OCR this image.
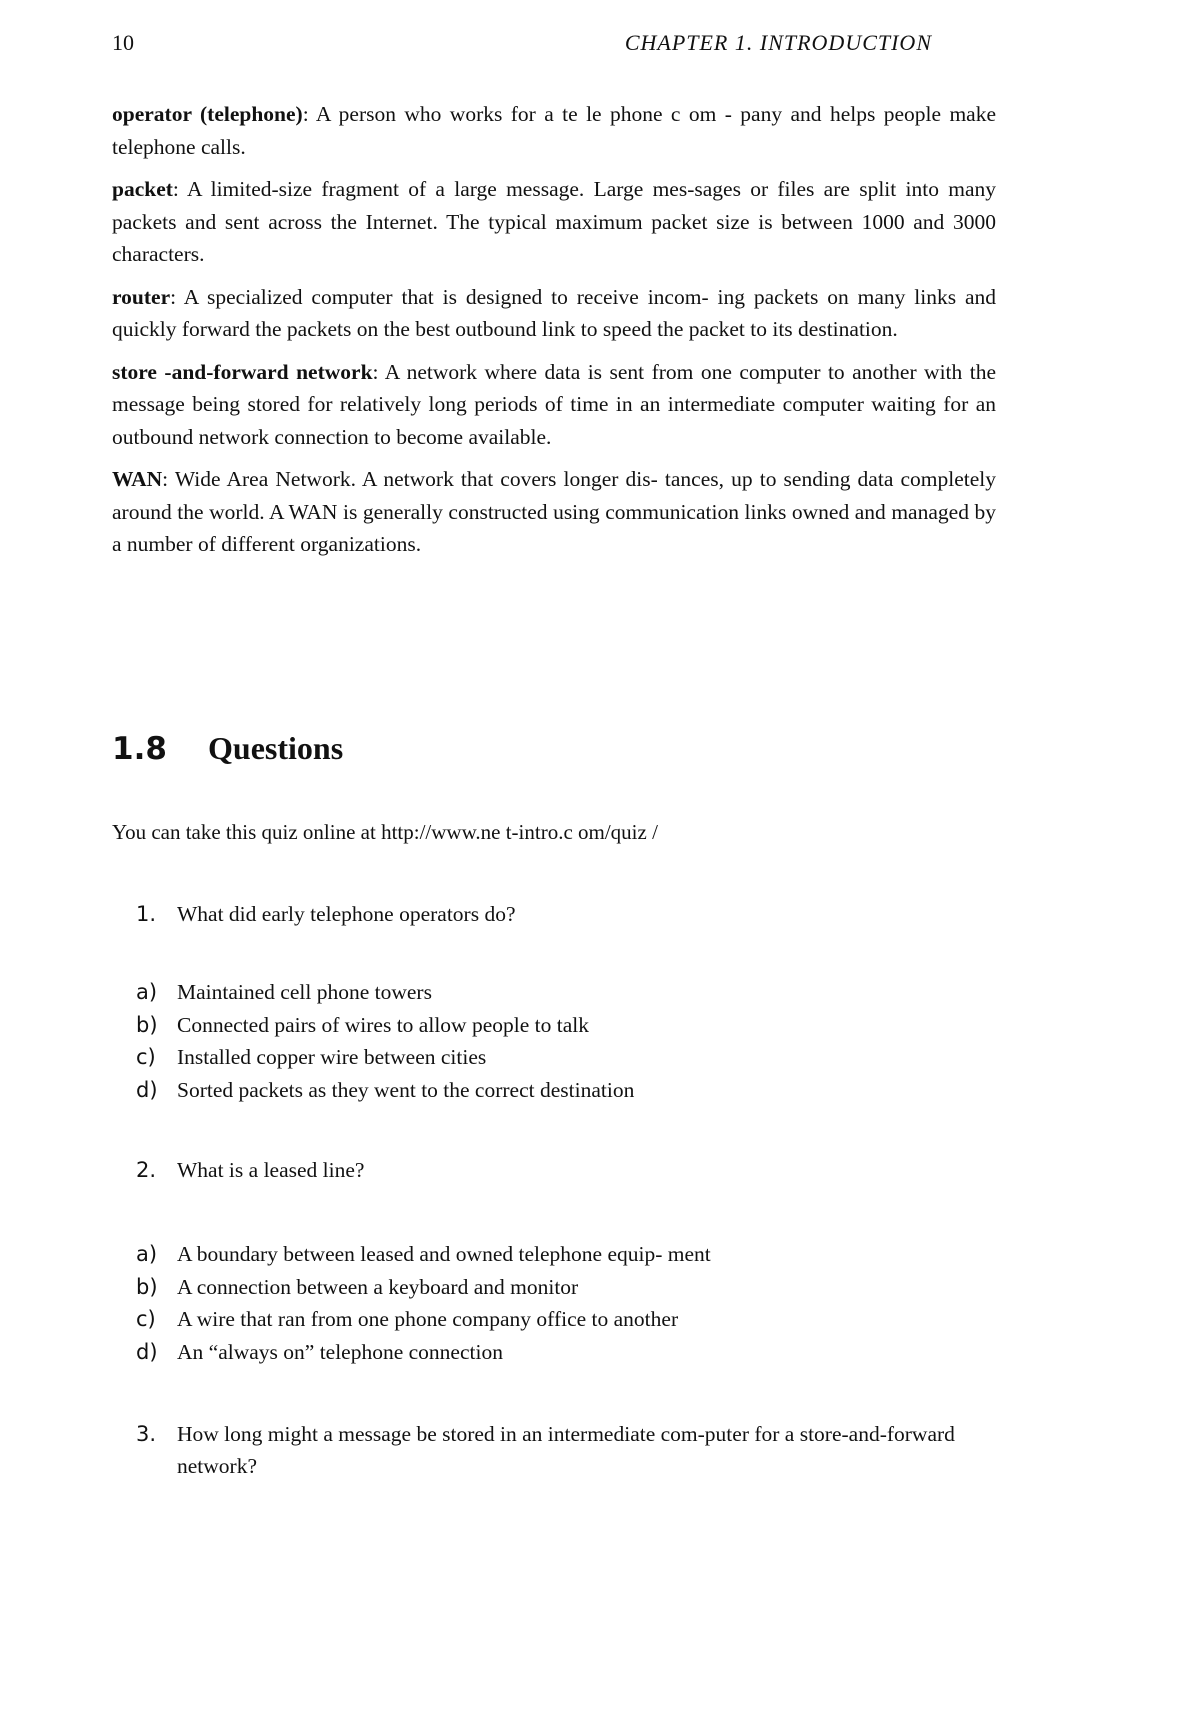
10	CHAPTER 1. INTRODUCTION

operator (telephone): A person who works for a te le phone c om - pany and helps people make telephone calls.

packet: A limited-size fragment of a large message. Large mes-sages or files are split into many packets and sent across the Internet. The typical maximum packet size is between 1000 and 3000 characters.

router: A specialized computer that is designed to receive incom- ing packets on many links and quickly forward the packets on the best outbound link to speed the packet to its destination.

store -and-forward network: A network where data is sent from one computer to another with the message being stored for relatively long periods of time in an intermediate computer waiting for an outbound network connection to become available.

WAN: Wide Area Network. A network that covers longer dis- tances, up to sending data completely around the world. A WAN is generally constructed using communication links owned and managed by a number of different organizations.

1.8 Questions
You can take this quiz online at http://www.ne t-intro.c om/quiz /
1. What did early telephone operators do?
a) Maintained cell phone towers
b) Connected pairs of wires to allow people to talk
c) Installed copper wire between cities
d) Sorted packets as they went to the correct destination
2. What is a leased line?
a) A boundary between leased and owned telephone equip- ment
b) A connection between a keyboard and monitor
c) A wire that ran from one phone company office to another
d) An “always on” telephone connection
3. How long might a message be stored in an intermediate com-puter for a store-and-forward network?
